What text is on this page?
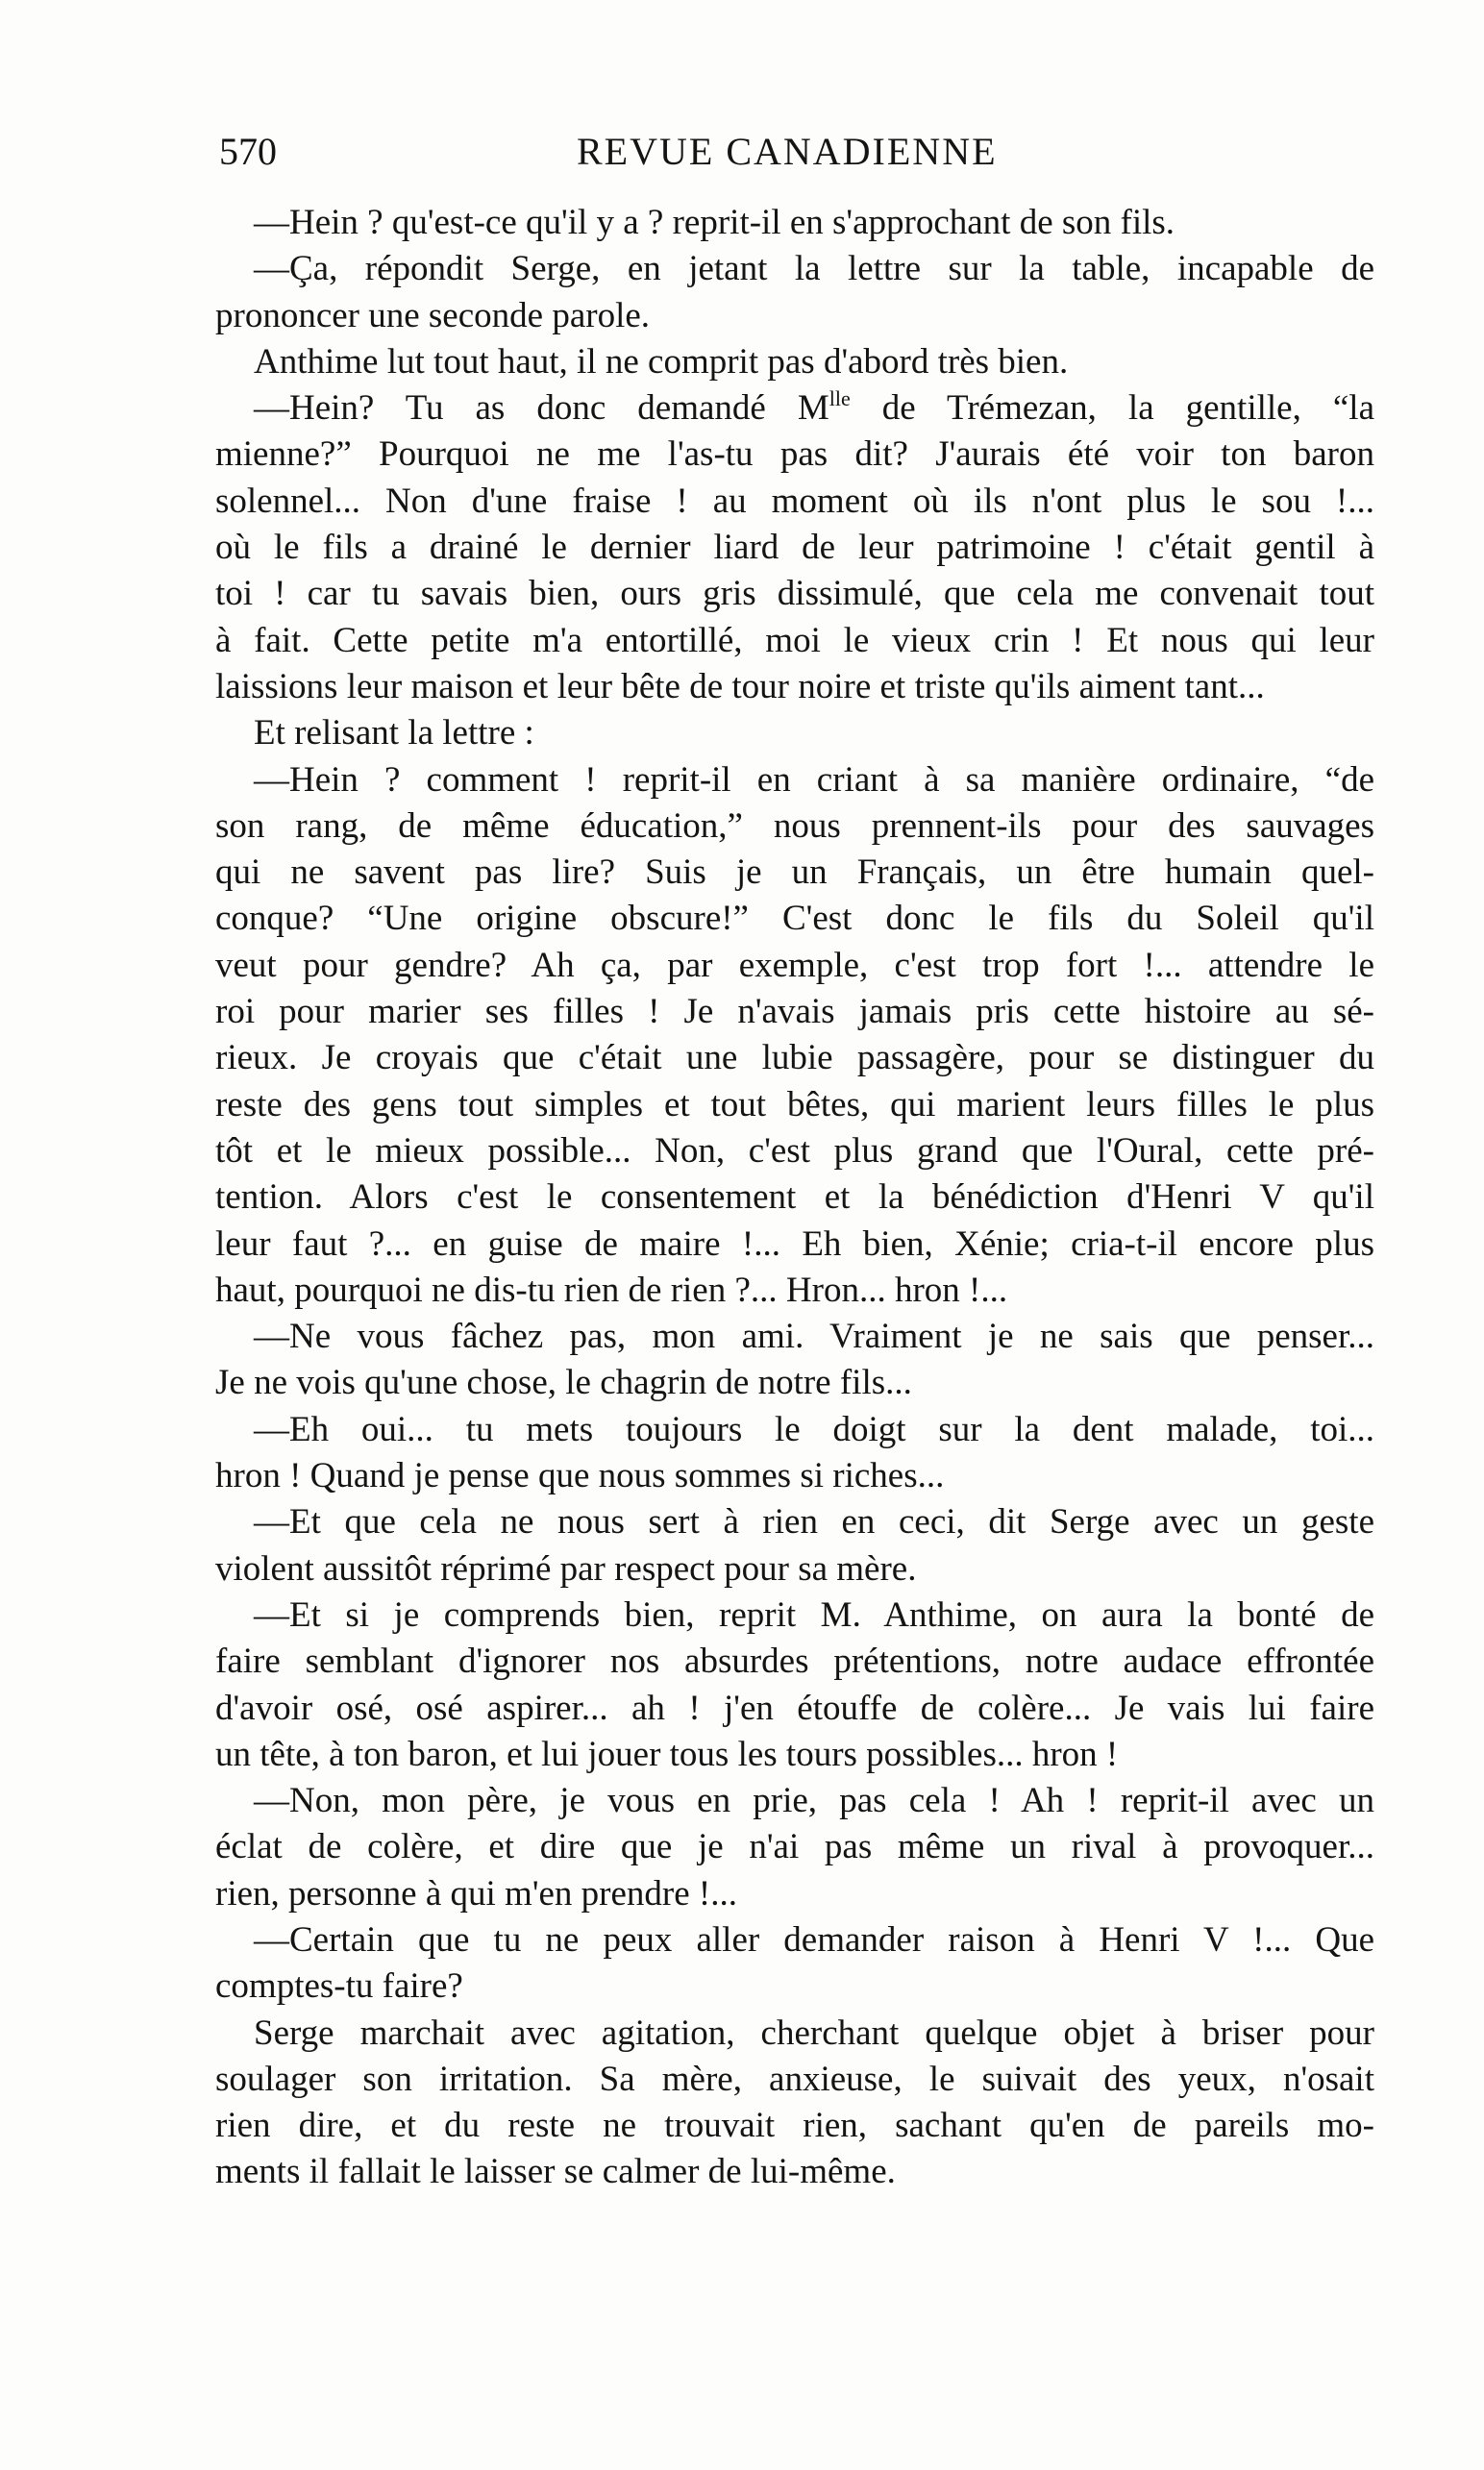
570	REVUE CANADIENNE
—Hein ? qu'est-ce qu'il y a ? reprit-il en s'approchant de son fils.
—Ça, répondit Serge, en jetant la lettre sur la table, incapable de
prononcer une seconde parole.
Anthime lut tout haut, il ne comprit pas d'abord très bien.
—Hein? Tu as donc demandé $M^{lle}$ de Trémezan, la gentille, “la
mienne?” Pourquoi ne me l'as-tu pas dit? J'aurais été voir ton baron
solennel... Non d'une fraise ! au moment où ils n'ont plus le sou !...
où le fils a drainé le dernier liard de leur patrimoine ! c'était gentil à
toi ! car tu savais bien, ours gris dissimulé, que cela me convenait tout
à fait. Cette petite m'a entortillé, moi le vieux crin ! Et nous qui leur
laissions leur maison et leur bête de tour noire et triste qu'ils aiment tant...
Et relisant la lettre :
—Hein ? comment ! reprit-il en criant à sa manière ordinaire, “de
son rang, de même éducation,” nous prennent-ils pour des sauvages
qui ne savent pas lire? Suis je un Français, un être humain quel-
conque? “Une origine obscure!” C'est donc le fils du Soleil qu'il
veut pour gendre? Ah ça, par exemple, c'est trop fort !... attendre le
roi pour marier ses filles ! Je n'avais jamais pris cette histoire au sé-
rieux. Je croyais que c'était une lubie passagère, pour se distinguer du
reste des gens tout simples et tout bêtes, qui marient leurs filles le plus
tôt et le mieux possible... Non, c'est plus grand que l'Oural, cette pré-
tention. Alors c'est le consentement et la bénédiction d'Henri V qu'il
leur faut ?... en guise de maire !... Eh bien, Xénie; cria-t-il encore plus
haut, pourquoi ne dis-tu rien de rien ?... Hron... hron !...
—Ne vous fâchez pas, mon ami. Vraiment je ne sais que penser...
Je ne vois qu'une chose, le chagrin de notre fils...
—Eh oui... tu mets toujours le doigt sur la dent malade, toi...
hron ! Quand je pense que nous sommes si riches...
—Et que cela ne nous sert à rien en ceci, dit Serge avec un geste
violent aussitôt réprimé par respect pour sa mère.
—Et si je comprends bien, reprit M. Anthime, on aura la bonté de
faire semblant d'ignorer nos absurdes prétentions, notre audace effrontée
d'avoir osé, osé aspirer... ah ! j'en étouffe de colère... Je vais lui faire
un tête, à ton baron, et lui jouer tous les tours possibles... hron !
—Non, mon père, je vous en prie, pas cela ! Ah ! reprit-il avec un
éclat de colère, et dire que je n'ai pas même un rival à provoquer...
rien, personne à qui m'en prendre !...
—Certain que tu ne peux aller demander raison à Henri V !... Que
comptes-tu faire?
Serge marchait avec agitation, cherchant quelque objet à briser pour
soulager son irritation. Sa mère, anxieuse, le suivait des yeux, n'osait
rien dire, et du reste ne trouvait rien, sachant qu'en de pareils mo-
ments il fallait le laisser se calmer de lui-même.
